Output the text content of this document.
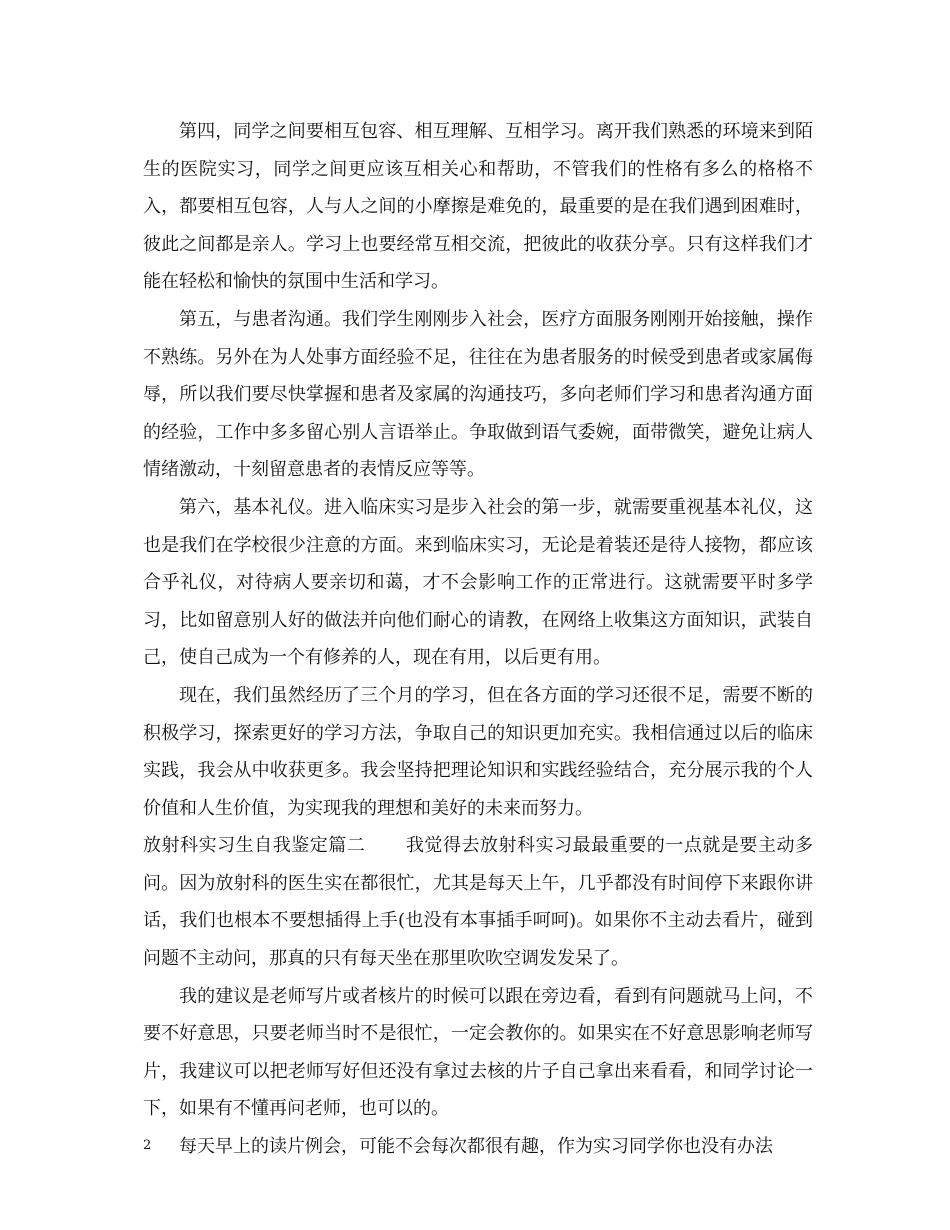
第四，同学之间要相互包容、相互理解、互相学习。离开我们熟悉的环境来到陌生的医院实习，同学之间更应该互相关心和帮助，不管我们的性格有多么的格格不入，都要相互包容，人与人之间的小摩擦是难免的，最重要的是在我们遇到困难时，彼此之间都是亲人。学习上也要经常互相交流，把彼此的收获分享。只有这样我们才能在轻松和愉快的氛围中生活和学习。

第五，与患者沟通。我们学生刚刚步入社会，医疗方面服务刚刚开始接触，操作不熟练。另外在为人处事方面经验不足，往往在为患者服务的时候受到患者或家属侮辱，所以我们要尽快掌握和患者及家属的沟通技巧，多向老师们学习和患者沟通方面的经验，工作中多多留心别人言语举止。争取做到语气委婉，面带微笑，避免让病人情绪激动，十刻留意患者的表情反应等等。

第六，基本礼仪。进入临床实习是步入社会的第一步，就需要重视基本礼仪，这也是我们在学校很少注意的方面。来到临床实习，无论是着装还是待人接物，都应该合乎礼仪，对待病人要亲切和蔼，才不会影响工作的正常进行。这就需要平时多学习，比如留意别人好的做法并向他们耐心的请教，在网络上收集这方面知识，武装自己，使自己成为一个有修养的人，现在有用，以后更有用。

现在，我们虽然经历了三个月的学习，但在各方面的学习还很不足，需要不断的积极学习，探索更好的学习方法，争取自己的知识更加充实。我相信通过以后的临床实践，我会从中收获更多。我会坚持把理论知识和实践经验结合，充分展示我的个人价值和人生价值，为实现我的理想和美好的未来而努力。

放射科实习生自我鉴定篇二 我觉得去放射科实习最最重要的一点就是要主动多问。因为放射科的医生实在都很忙，尤其是每天上午，几乎都没有时间停下来跟你讲话，我们也根本不要想插得上手(也没有本事插手呵呵)。如果你不主动去看片，碰到问题不主动问，那真的只有每天坐在那里吹吹空调发发呆了。

我的建议是老师写片或者核片的时候可以跟在旁边看，看到有问题就马上问，不要不好意思，只要老师当时不是很忙，一定会教你的。如果实在不好意思影响老师写片，我建议可以把老师写好但还没有拿过去核的片子自己拿出来看看，和同学讨论一下，如果有不懂再问老师，也可以的。

每天早上的读片例会，可能不会每次都很有趣，作为实习同学你也没有办法

2
